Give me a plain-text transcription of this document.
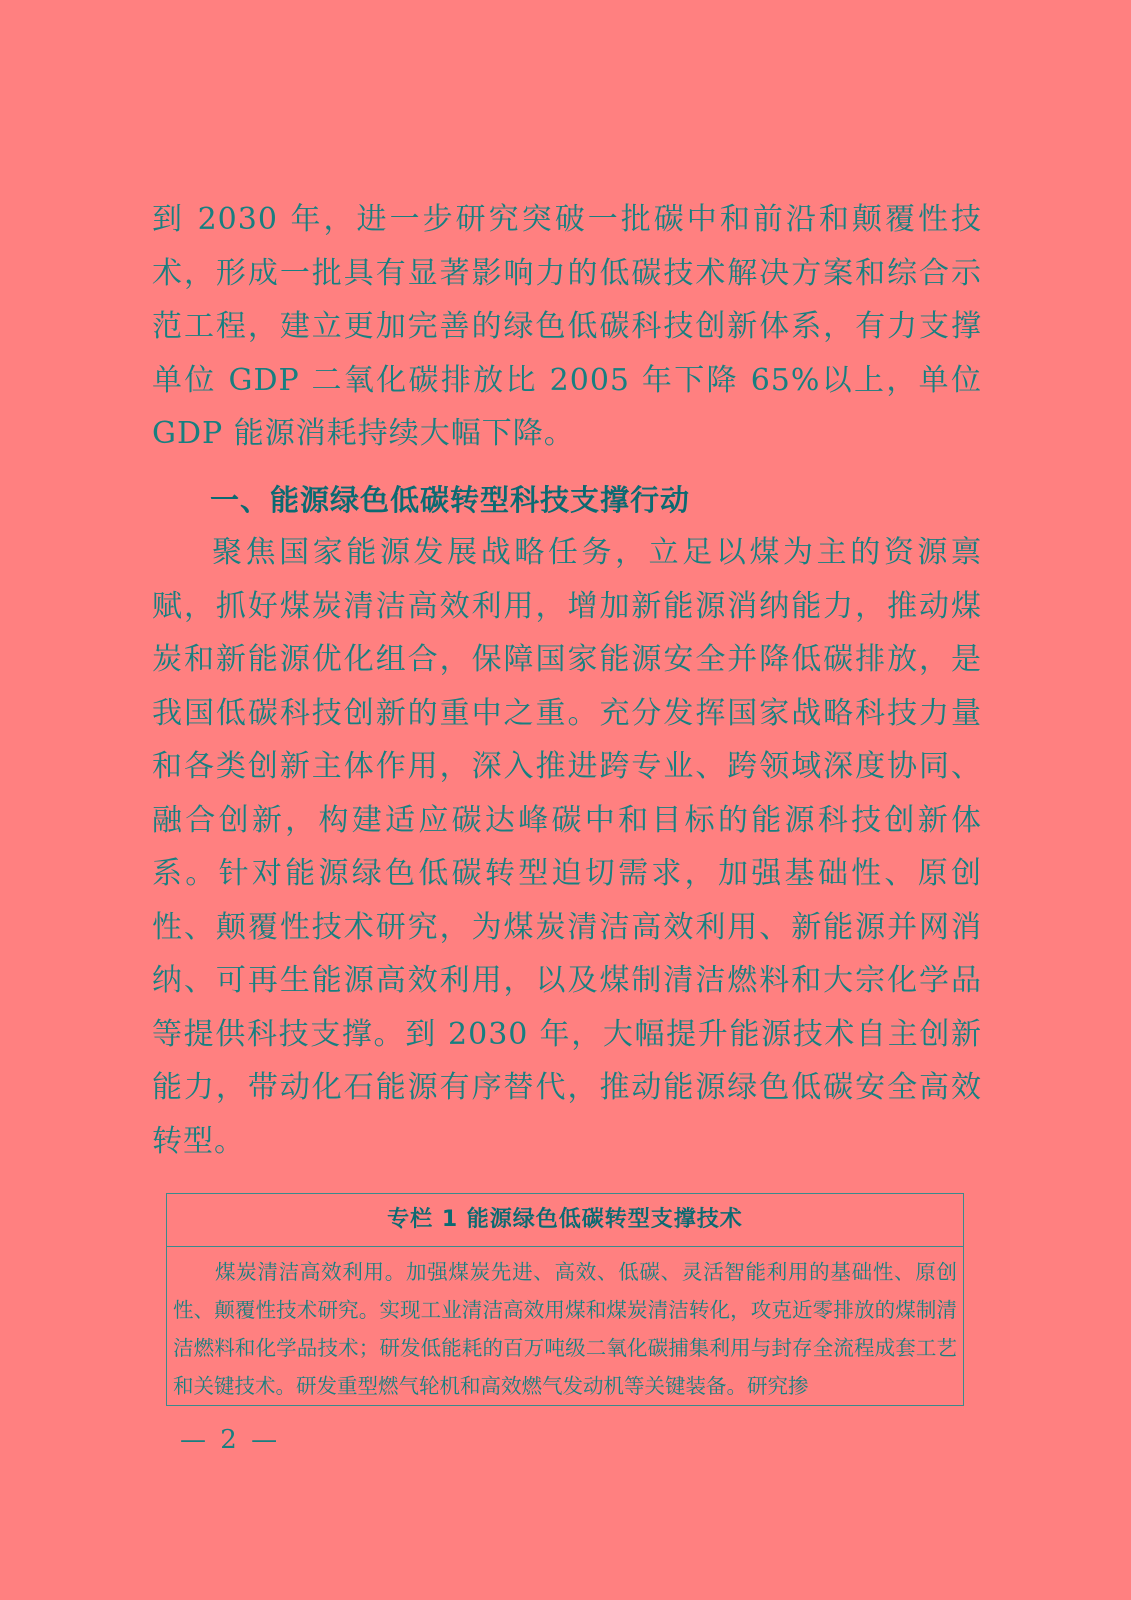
到 2030 年，进一步研究突破一批碳中和前沿和颠覆性技术，形成一批具有显著影响力的低碳技术解决方案和综合示范工程，建立更加完善的绿色低碳科技创新体系，有力支撑单位 GDP 二氧化碳排放比 2005 年下降 65%以上，单位 GDP 能源消耗持续大幅下降。

一、能源绿色低碳转型科技支撑行动

聚焦国家能源发展战略任务，立足以煤为主的资源禀赋，抓好煤炭清洁高效利用，增加新能源消纳能力，推动煤炭和新能源优化组合，保障国家能源安全并降低碳排放，是我国低碳科技创新的重中之重。充分发挥国家战略科技力量和各类创新主体作用，深入推进跨专业、跨领域深度协同、融合创新，构建适应碳达峰碳中和目标的能源科技创新体系。针对能源绿色低碳转型迫切需求，加强基础性、原创性、颠覆性技术研究，为煤炭清洁高效利用、新能源并网消纳、可再生能源高效利用，以及煤制清洁燃料和大宗化学品等提供科技支撑。到 2030 年，大幅提升能源技术自主创新能力，带动化石能源有序替代，推动能源绿色低碳安全高效转型。

专栏 1 能源绿色低碳转型支撑技术

煤炭清洁高效利用。加强煤炭先进、高效、低碳、灵活智能利用的基础性、原创性、颠覆性技术研究。实现工业清洁高效用煤和煤炭清洁转化，攻克近零排放的煤制清洁燃料和化学品技术；研发低能耗的百万吨级二氧化碳捕集利用与封存全流程成套工艺和关键技术。研发重型燃气轮机和高效燃气发动机等关键装备。研究掺

— 2 —
